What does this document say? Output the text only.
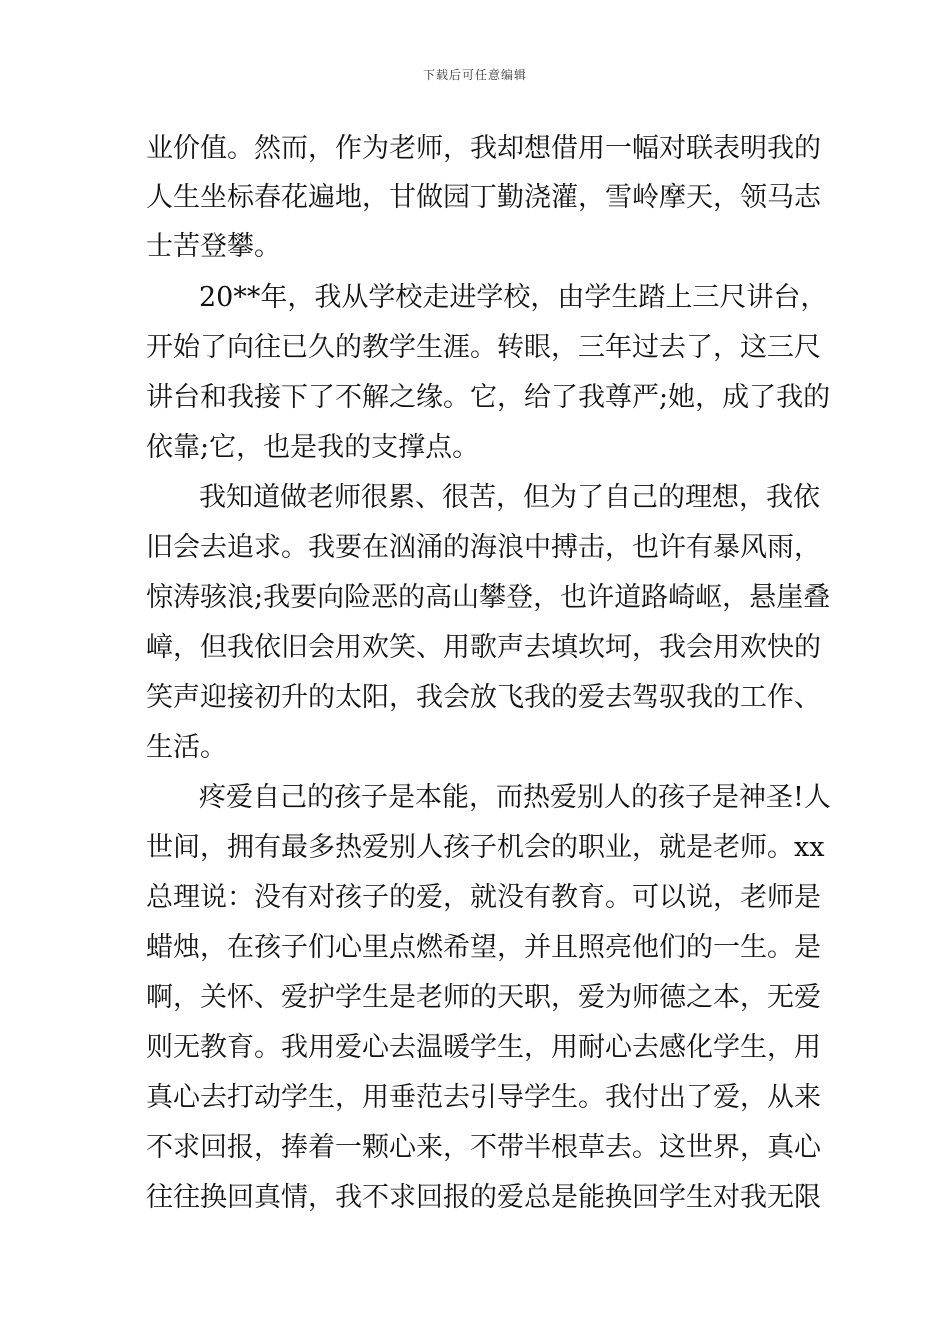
下载后可任意编辑
业价值。然而，作为老师，我却想借用一幅对联表明我的
人生坐标春花遍地，甘做园丁勤浇灌，雪岭摩天，领马志
士苦登攀。
20**年，我从学校走进学校，由学生踏上三尺讲台，
开始了向往已久的教学生涯。转眼，三年过去了，这三尺
讲台和我接下了不解之缘。它，给了我尊严;她，成了我的
依靠;它，也是我的支撑点。
我知道做老师很累、很苦，但为了自己的理想，我依
旧会去追求。我要在汹涌的海浪中搏击，也许有暴风雨，
惊涛骇浪;我要向险恶的高山攀登，也许道路崎岖，悬崖叠
嶂，但我依旧会用欢笑、用歌声去填坎坷，我会用欢快的
笑声迎接初升的太阳，我会放飞我的爱去驾驭我的工作、
生活。
疼爱自己的孩子是本能，而热爱别人的孩子是神圣!人
世间，拥有最多热爱别人孩子机会的职业，就是老师。xx
总理说：没有对孩子的爱，就没有教育。可以说，老师是
蜡烛，在孩子们心里点燃希望，并且照亮他们的一生。是
啊，关怀、爱护学生是老师的天职，爱为师德之本，无爱
则无教育。我用爱心去温暖学生，用耐心去感化学生，用
真心去打动学生，用垂范去引导学生。我付出了爱，从来
不求回报，捧着一颗心来，不带半根草去。这世界，真心
往往换回真情，我不求回报的爱总是能换回学生对我无限
